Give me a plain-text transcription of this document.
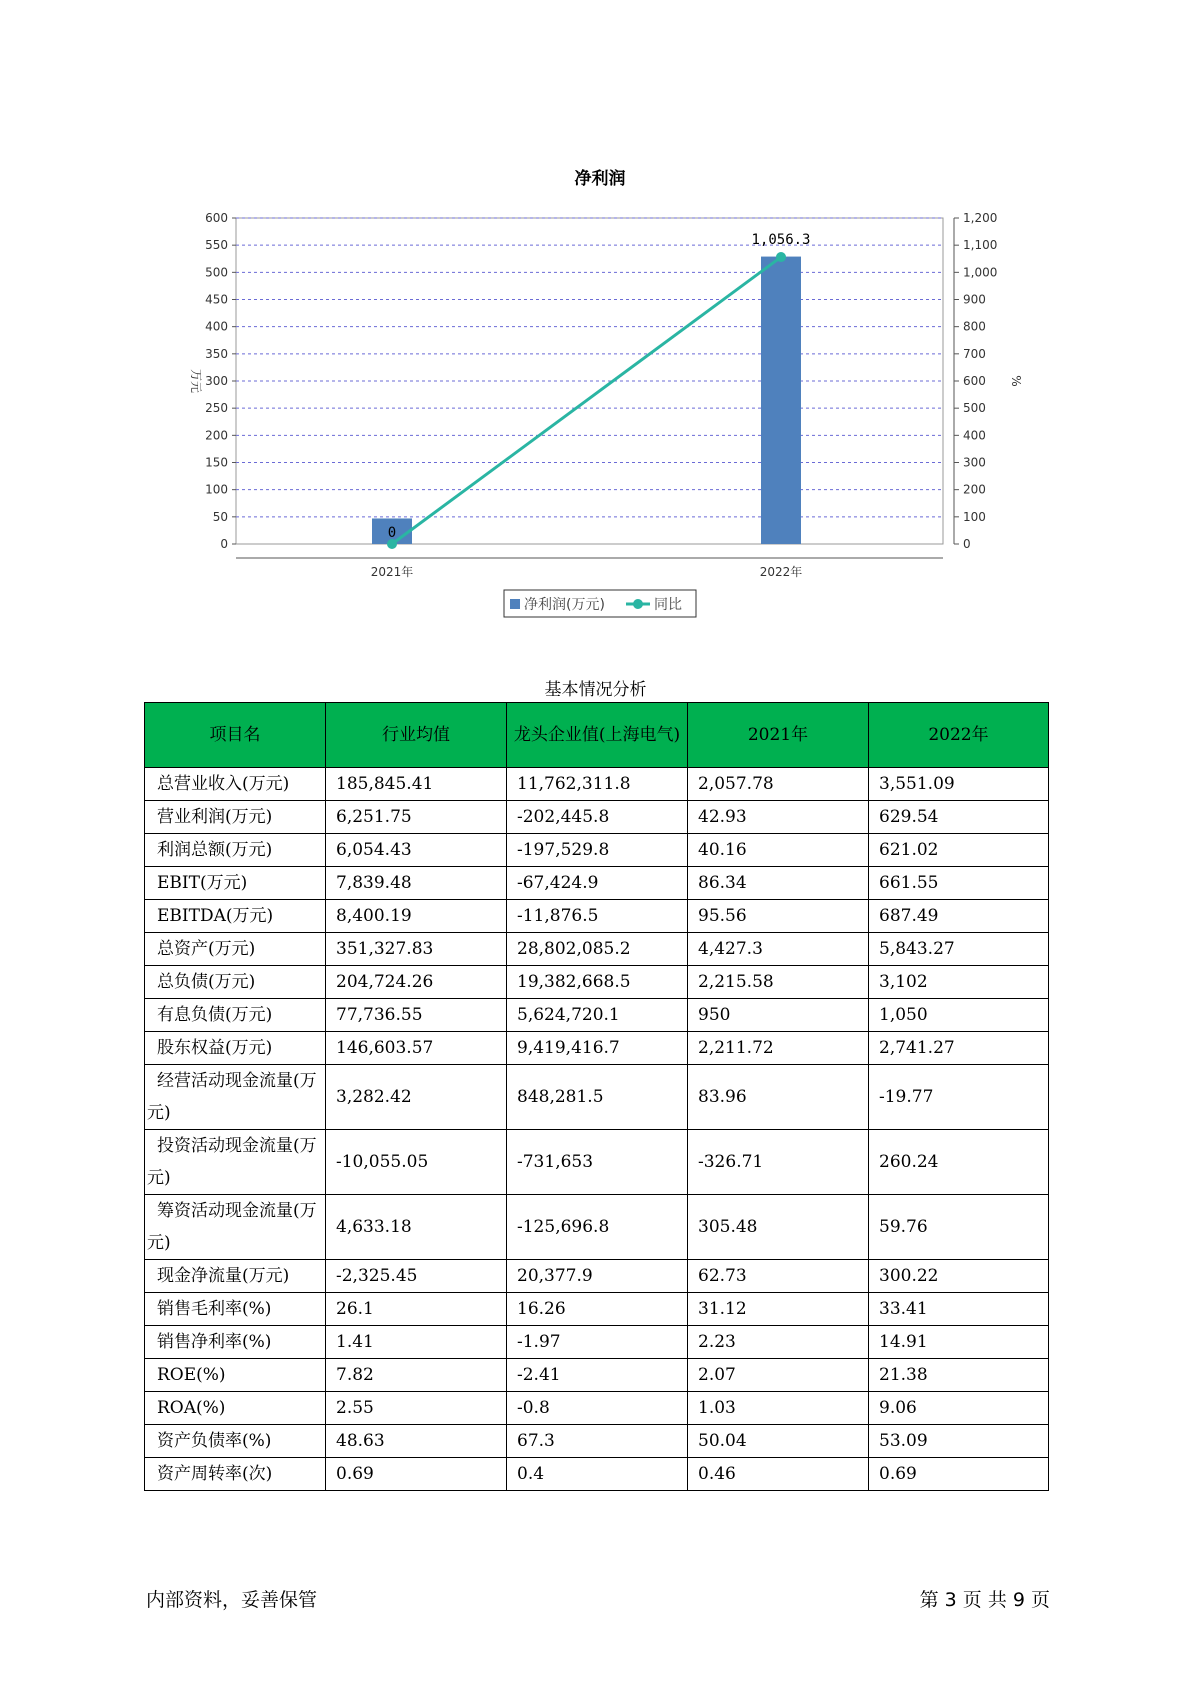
净利润
0
50
100
150
200
250
300
350
400
450
500
550
600
0
100
200
300
400
500
600
700
800
900
1,000
1,100
1,200
万元	%
2021年	2022年
0
1,056.3
净利润(万元)	同比
基本情况分析
项目名	行业均值	龙头企业值(上海电气)	2021年	2022年
总营业收入(万元)	185,845.41	11,762,311.8	2,057.78	3,551.09
营业利润(万元)	6,251.75	-202,445.8	42.93	629.54
利润总额(万元)	6,054.43	-197,529.8	40.16	621.02
EBIT(万元)	7,839.48	-67,424.9	86.34	661.55
EBITDA(万元)	8,400.19	-11,876.5	95.56	687.49
总资产(万元)	351,327.83	28,802,085.2	4,427.3	5,843.27
总负债(万元)	204,724.26	19,382,668.5	2,215.58	3,102
有息负债(万元)	77,736.55	5,624,720.1	950	1,050
股东权益(万元)	146,603.57	9,419,416.7	2,211.72	2,741.27
经营活动现金流量(万元)	3,282.42	848,281.5	83.96	-19.77
投资活动现金流量(万元)	-10,055.05	-731,653	-326.71	260.24
筹资活动现金流量(万元)	4,633.18	-125,696.8	305.48	59.76
现金净流量(万元)	-2,325.45	20,377.9	62.73	300.22
销售毛利率(%)	26.1	16.26	31.12	33.41
销售净利率(%)	1.41	-1.97	2.23	14.91
ROE(%)	7.82	-2.41	2.07	21.38
ROA(%)	2.55	-0.8	1.03	9.06
资产负债率(%)	48.63	67.3	50.04	53.09
资产周转率(次)	0.69	0.4	0.46	0.69
内部资料，妥善保管	第 3 页 共 9 页
